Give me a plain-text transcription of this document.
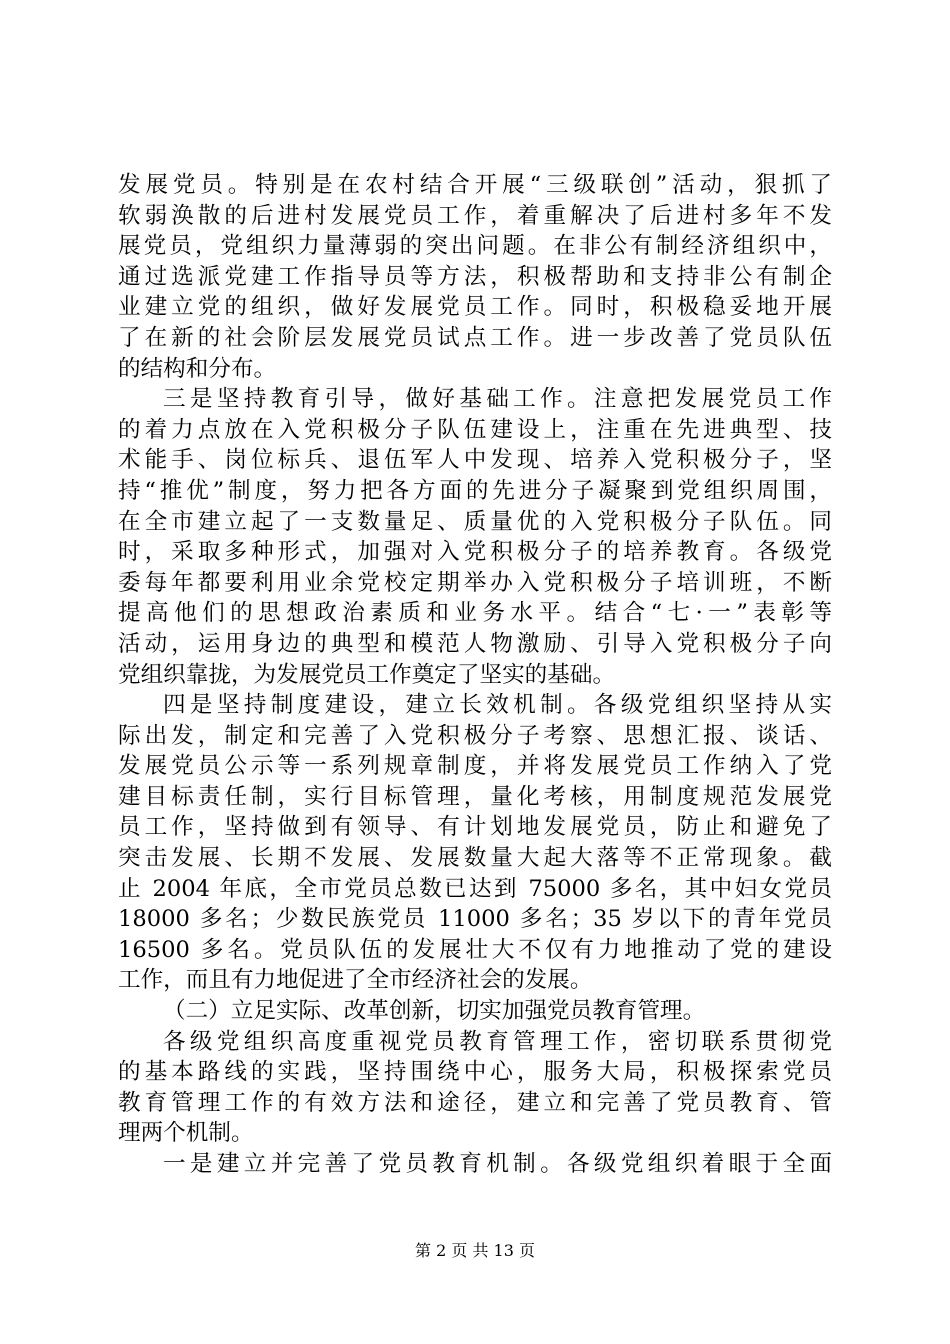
发展党员。特别是在农村结合开展“三级联创”活动，狠抓了
软弱涣散的后进村发展党员工作，着重解决了后进村多年不发
展党员，党组织力量薄弱的突出问题。在非公有制经济组织中，
通过选派党建工作指导员等方法，积极帮助和支持非公有制企
业建立党的组织，做好发展党员工作。同时，积极稳妥地开展
了在新的社会阶层发展党员试点工作。进一步改善了党员队伍
的结构和分布。
三是坚持教育引导，做好基础工作。注意把发展党员工作
的着力点放在入党积极分子队伍建设上，注重在先进典型、技
术能手、岗位标兵、退伍军人中发现、培养入党积极分子，坚
持“推优”制度，努力把各方面的先进分子凝聚到党组织周围，
在全市建立起了一支数量足、质量优的入党积极分子队伍。同
时，采取多种形式，加强对入党积极分子的培养教育。各级党
委每年都要利用业余党校定期举办入党积极分子培训班，不断
提高他们的思想政治素质和业务水平。结合“七·一”表彰等
活动，运用身边的典型和模范人物激励、引导入党积极分子向
党组织靠拢，为发展党员工作奠定了坚实的基础。
四是坚持制度建设，建立长效机制。各级党组织坚持从实
际出发，制定和完善了入党积极分子考察、思想汇报、谈话、
发展党员公示等一系列规章制度，并将发展党员工作纳入了党
建目标责任制，实行目标管理，量化考核，用制度规范发展党
员工作，坚持做到有领导、有计划地发展党员，防止和避免了
突击发展、长期不发展、发展数量大起大落等不正常现象。截
止 2004 年底，全市党员总数已达到 75000 多名，其中妇女党员
18000 多名；少数民族党员 11000 多名；35 岁以下的青年党员
16500 多名。党员队伍的发展壮大不仅有力地推动了党的建设
工作，而且有力地促进了全市经济社会的发展。
（二）立足实际、改革创新，切实加强党员教育管理。
各级党组织高度重视党员教育管理工作，密切联系贯彻党
的基本路线的实践，坚持围绕中心，服务大局，积极探索党员
教育管理工作的有效方法和途径，建立和完善了党员教育、管
理两个机制。
一是建立并完善了党员教育机制。各级党组织着眼于全面
第 2 页 共 13 页
